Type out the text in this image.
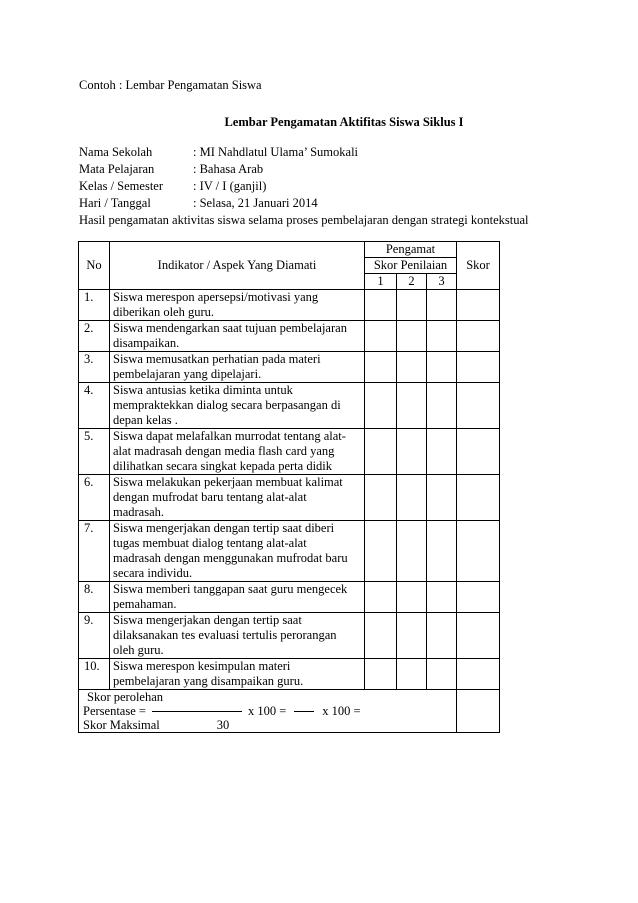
Contoh : Lembar Pengamatan Siswa
Lembar Pengamatan Aktifitas Siswa Siklus I
Nama Sekolah	: MI Nahdlatul Ulama’ Sumokali
Mata Pelajaran	: Bahasa Arab
Kelas / Semester : IV / I (ganjil)
Hari / Tanggal	: Selasa, 21 Januari 2014
Hasil pengamatan aktivitas siswa selama proses pembelajaran dengan strategi kontekstual
No	Indikator / Aspek Yang Diamati	Pengamat			Skor
		Skor Penilaian			
		1	2	3	
1.	Siswa merespon apersepsi/motivasi yang
diberikan oleh guru.				

2.	Siswa mendengarkan saat tujuan pembelajaran
disampaikan.				

3.	Siswa memusatkan perhatian pada materi
pembelajaran yang dipelajari.				

4.	Siswa antusias ketika diminta untuk
mempraktekkan dialog secara berpasangan di
depan kelas .				

5.	Siswa dapat melafalkan murrodat tentang alat-
alat madrasah dengan media flash card yang
dilihatkan secara singkat kepada perta didik				

6.	Siswa melakukan pekerjaan membuat kalimat
dengan mufrodat baru tentang alat-alat
madrasah.				

7.	Siswa mengerjakan dengan tertip saat diberi
tugas membuat dialog tentang alat-alat
madrasah dengan menggunakan mufrodat baru
secara individu.				

8.	Siswa memberi tanggapan saat guru mengecek
pemahaman.				

9.	Siswa mengerjakan dengan tertip saat
dilaksanakan tes evaluasi tertulis perorangan
oleh guru.				

10.	Siswa merespon kesimpulan materi
pembelajaran yang disampaikan guru.				

Skor perolehan
Persentase = x 100 = x 100 =
Skor Maksimal 30					
